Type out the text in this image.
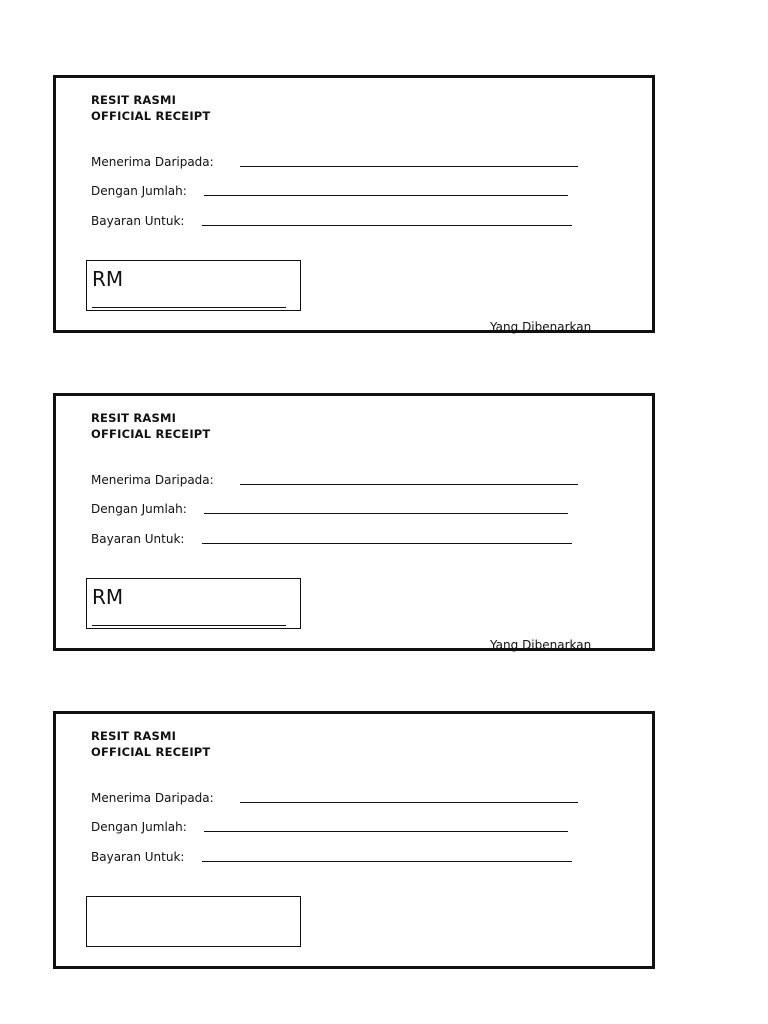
RESIT RASMI
OFFICIAL RECEIPT
Menerima Daripada:
Dengan Jumlah:
Bayaran Untuk:
RM
Yang Dibenarkan
RESIT RASMI
OFFICIAL RECEIPT
Menerima Daripada:
Dengan Jumlah:
Bayaran Untuk:
RM
Yang Dibenarkan
RESIT RASMI
OFFICIAL RECEIPT
Menerima Daripada:
Dengan Jumlah:
Bayaran Untuk:
